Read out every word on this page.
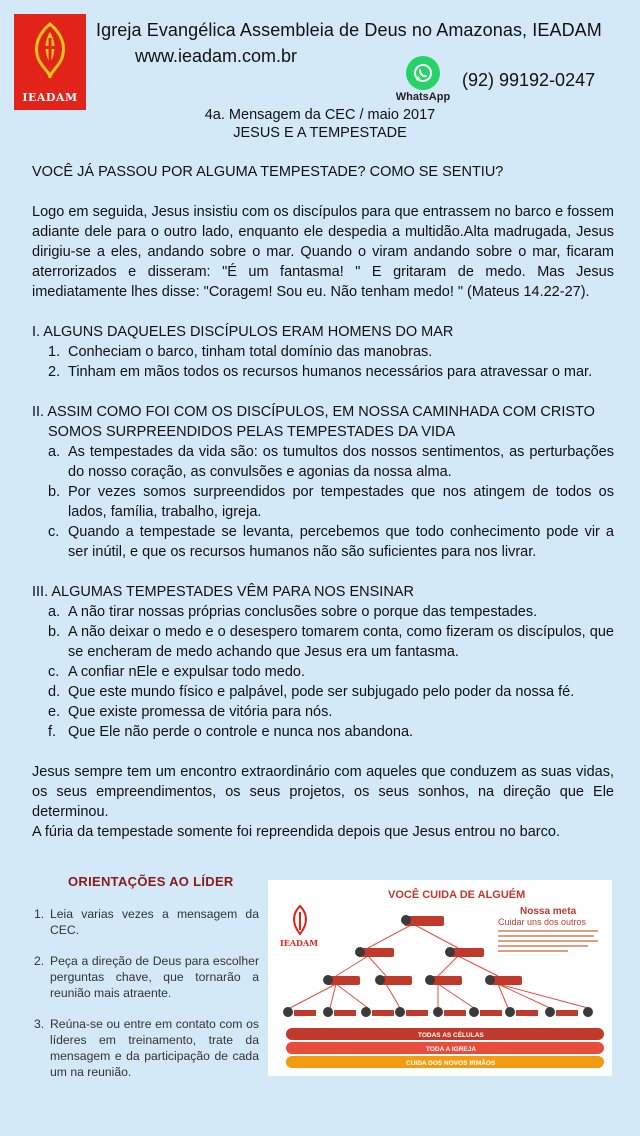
IEADAM
Igreja Evangélica Assembleia de Deus no Amazonas, IEADAM
www.ieadam.com.br
WhatsApp
(92) 99192-0247
4a. Mensagem da CEC / maio 2017
JESUS E A TEMPESTADE
VOCÊ JÁ PASSOU POR ALGUMA TEMPESTADE? COMO SE SENTIU?

Logo em seguida, Jesus insistiu com os discípulos para que entrassem no barco e fossem adiante dele para o outro lado, enquanto ele despedia a multidão.Alta madrugada, Jesus dirigiu-se a eles, andando sobre o mar. Quando o viram andando sobre o mar, ficaram aterrorizados e disseram: "É um fantasma! " E gritaram de medo. Mas Jesus imediatamente lhes disse: "Coragem! Sou eu. Não tenham medo! " (Mateus 14.22-27).

I. ALGUNS DAQUELES DISCÍPULOS ERAM HOMENS DO MAR
1. Conheciam o barco, tinham total domínio das manobras.
2. Tinham em mãos todos os recursos humanos necessários para atravessar o mar.
II. ASSIM COMO FOI COM OS DISCÍPULOS, EM NOSSA CAMINHADA COM CRISTO
SOMOS SURPREENDIDOS PELAS TEMPESTADES DA VIDA
a. As tempestades da vida são: os tumultos dos nossos sentimentos, as perturbações do nosso coração, as convulsões e agonias da nossa alma.
b. Por vezes somos surpreendidos por tempestades que nos atingem de todos os lados, família, trabalho, igreja.
c. Quando a tempestade se levanta, percebemos que todo conhecimento pode vir a ser inútil, e que os recursos humanos não são suficientes para nos livrar.
III. ALGUMAS TEMPESTADES VÊM PARA NOS ENSINAR
a. A não tirar nossas próprias conclusões sobre o porque das tempestades.
b. A não deixar o medo e o desespero tomarem conta, como fizeram os discípulos, que se encheram de medo achando que Jesus era um fantasma.
c. A confiar nEle e expulsar todo medo.
d. Que este mundo físico e palpável, pode ser subjugado pelo poder da nossa fé.
e. Que existe promessa de vitória para nós.
f. Que Ele não perde o controle e nunca nos abandona.

Jesus sempre tem um encontro extraordinário com aqueles que conduzem as suas vidas, os seus empreendimentos, os seus projetos, os seus sonhos, na direção que Ele determinou.

A fúria da tempestade somente foi repreendida depois que Jesus entrou no barco.

ORIENTAÇÕES AO LÍDER
1. Leia varias vezes a mensagem da CEC.
2. Peça a direção de Deus para escolher perguntas chave, que tornarão a reunião mais atraente.
3. Reúna-se ou entre em contato com os líderes em treinamento, trate da mensagem e da participação de cada um na reunião.
VOCÊ CUIDA DE ALGUÉM
IEADAM
Nossa meta
Cuidar uns dos outros
TODAS AS CÉLULAS
TODA A IGREJA
CUIDA DOS NOVOS IRMÃOS
